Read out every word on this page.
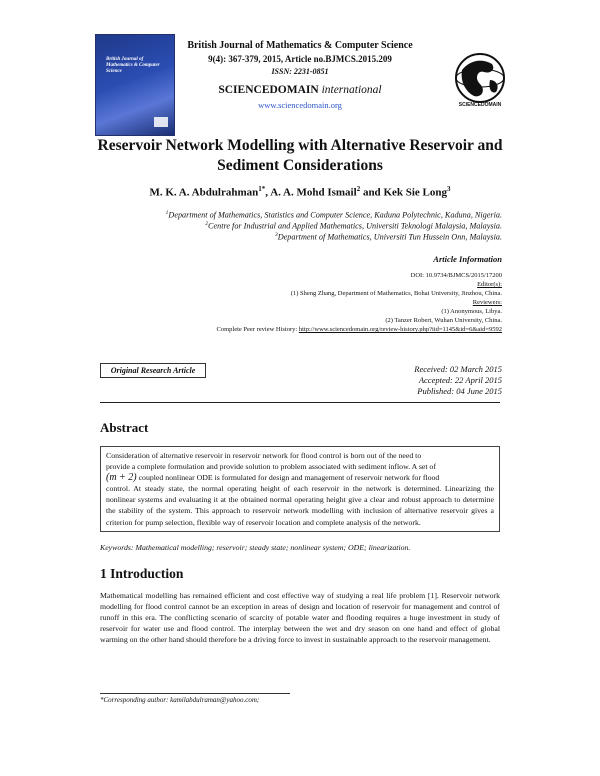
British Journal of Mathematics & Computer Science
British Journal of Mathematics & Computer Science
9(4): 367-379, 2015, Article no.BJMCS.2015.209
ISSN: 2231-0851
SCIENCEDOMAIN international
www.sciencedomain.org	SCIENCEDOMAIN
Reservoir Network Modelling with Alternative Reservoir and
Sediment Considerations
M. K. A. Abdulrahman$^{1*}$, A. A. Mohd Ismail$^2$ and Kek Sie Long$^3$
$^1$Department of Mathematics, Statistics and Computer Science, Kaduna Polytechnic, Kaduna, Nigeria.
$^2$Centre for Industrial and Applied Mathematics, Universiti Teknologi Malaysia, Malaysia.
$^3$Department of Mathematics, Universiti Tun Hussein Onn, Malaysia.
Article Information
DOI: 10.9734/BJMCS/2015/17200
Editor(s):
(1) Sheng Zhang, Department of Mathematics, Bohai University, Jinzhou, China.
Reviewers:
(1) Anonymous, Libya.
(2) Tanzer Robert, Wuhan University, China.
Complete Peer review History: http://www.sciencedomain.org/review-history.php?iid=1145&id=6&aid=9592
Original Research Article	Received: 02 March 2015
Accepted: 22 April 2015
Published: 04 June 2015
Abstract
Consideration of alternative reservoir in reservoir network for flood control is born out of the need to
provide a complete formulation and provide solution to problem associated with sediment inflow. A set of
(m + 2) coupled nonlinear ODE is formulated for design and management of reservoir network for flood
control. At steady state, the normal operating height of each reservoir in the network is determined. Linearizing the nonlinear systems and evaluating it at the obtained normal operating height give a clear and robust approach to determine the stability of the system. This approach to reservoir network modelling with inclusion of alternative reservoir gives a criterion for pump selection, flexible way of reservoir location and complete analysis of the network.
Keywords: Mathematical modelling; reservoir; steady state; nonlinear system; ODE; linearization.
1 Introduction
Mathematical modelling has remained efficient and cost effective way of studying a real life problem [1]. Reservoir network modelling for flood control cannot be an exception in areas of design and location of reservoir for management and control of runoff in this era. The conflicting scenario of scarcity of potable water and flooding requires a huge investment in study of reservoir for water use and flood control. The interplay between the wet and dry season on one hand and effect of global warming on the other hand should therefore be a driving force to invest in sustainable approach to the reservoir management.
*Corresponding author: kamilabdulraman@yahoo.com;
